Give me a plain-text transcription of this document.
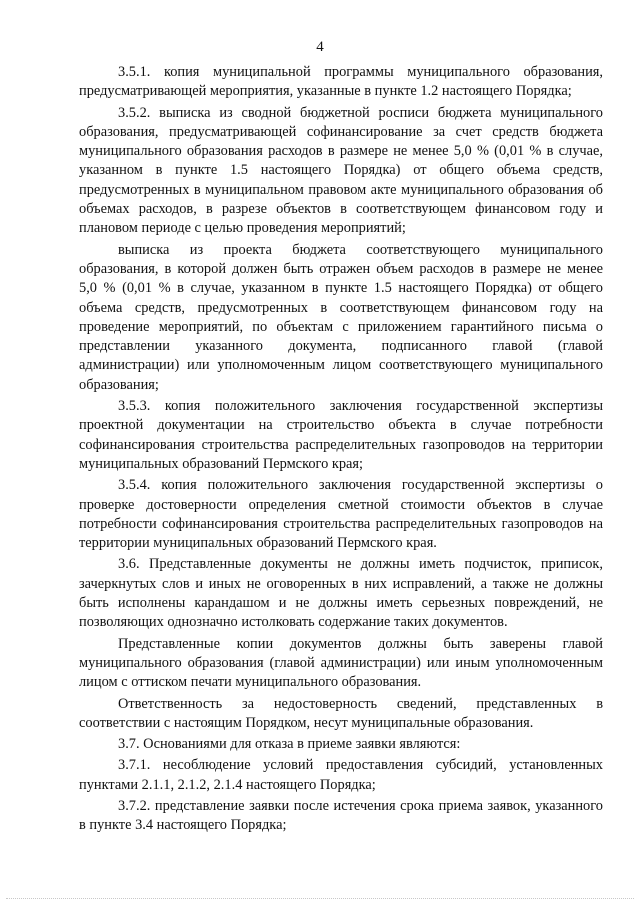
4

3.5.1. копия муниципальной программы муниципального образования, предусматривающей мероприятия, указанные в пункте 1.2 настоящего Порядка;

3.5.2. выписка из сводной бюджетной росписи бюджета муниципального образования, предусматривающей софинансирование за счет средств бюджета муниципального образования расходов в размере не менее 5,0 % (0,01 % в случае, указанном в пункте 1.5 настоящего Порядка) от общего объема средств, предусмотренных в муниципальном правовом акте муниципального образования об объемах расходов, в разрезе объектов в соответствующем финансовом году и плановом периоде с целью проведения мероприятий;

выписка из проекта бюджета соответствующего муниципального образования, в которой должен быть отражен объем расходов в размере не менее 5,0 % (0,01 % в случае, указанном в пункте 1.5 настоящего Порядка) от общего объема средств, предусмотренных в соответствующем финансовом году на проведение мероприятий, по объектам с приложением гарантийного письма о представлении указанного документа, подписанного главой (главой администрации) или уполномоченным лицом соответствующего муниципального образования;

3.5.3. копия положительного заключения государственной экспертизы проектной документации на строительство объекта в случае потребности софинансирования строительства распределительных газопроводов на территории муниципальных образований Пермского края;

3.5.4. копия положительного заключения государственной экспертизы о проверке достоверности определения сметной стоимости объектов в случае потребности софинансирования строительства распределительных газопроводов на территории муниципальных образований Пермского края.

3.6. Представленные документы не должны иметь подчисток, приписок, зачеркнутых слов и иных не оговоренных в них исправлений, а также не должны быть исполнены карандашом и не должны иметь серьезных повреждений, не позволяющих однозначно истолковать содержание таких документов.

Представленные копии документов должны быть заверены главой муниципального образования (главой администрации) или иным уполномоченным лицом с оттиском печати муниципального образования.

Ответственность за недостоверность сведений, представленных в соответствии с настоящим Порядком, несут муниципальные образования.

3.7. Основаниями для отказа в приеме заявки являются:

3.7.1. несоблюдение условий предоставления субсидий, установленных пунктами 2.1.1, 2.1.2, 2.1.4 настоящего Порядка;

3.7.2. представление заявки после истечения срока приема заявок, указанного в пункте 3.4 настоящего Порядка;
